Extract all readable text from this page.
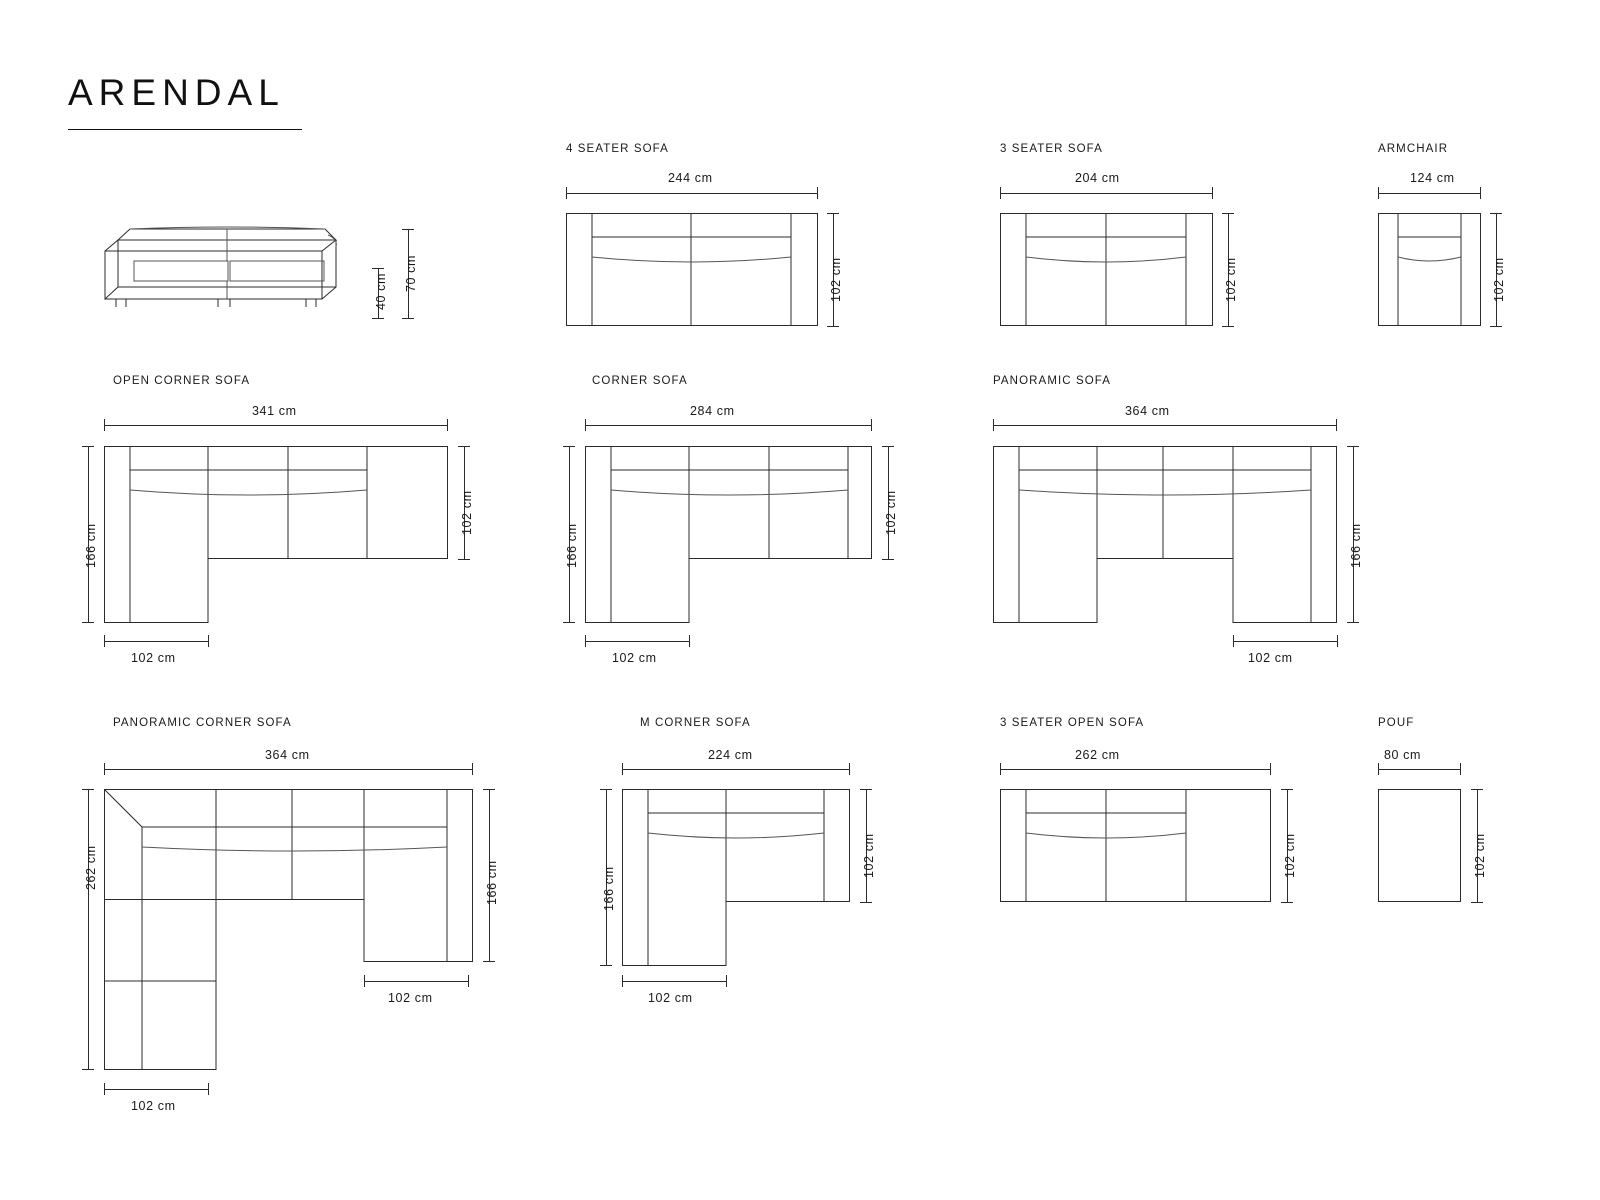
ARENDAL
70 cm
40 cm
4 SEATER SOFA
244 cm
102 cm
3 SEATER SOFA
204 cm
102 cm
ARMCHAIR
124 cm
102 cm
OPEN CORNER SOFA
341 cm
102 cm
166 cm
102 cm
CORNER SOFA
284 cm
102 cm
166 cm
102 cm
PANORAMIC SOFA
364 cm
166 cm
102 cm
PANORAMIC CORNER SOFA
364 cm
262 cm	166 cm
102 cm
102 cm
M CORNER SOFA
224 cm
102 cm
166 cm
102 cm
3 SEATER OPEN SOFA
262 cm
102 cm
POUF
80 cm
102 cm
